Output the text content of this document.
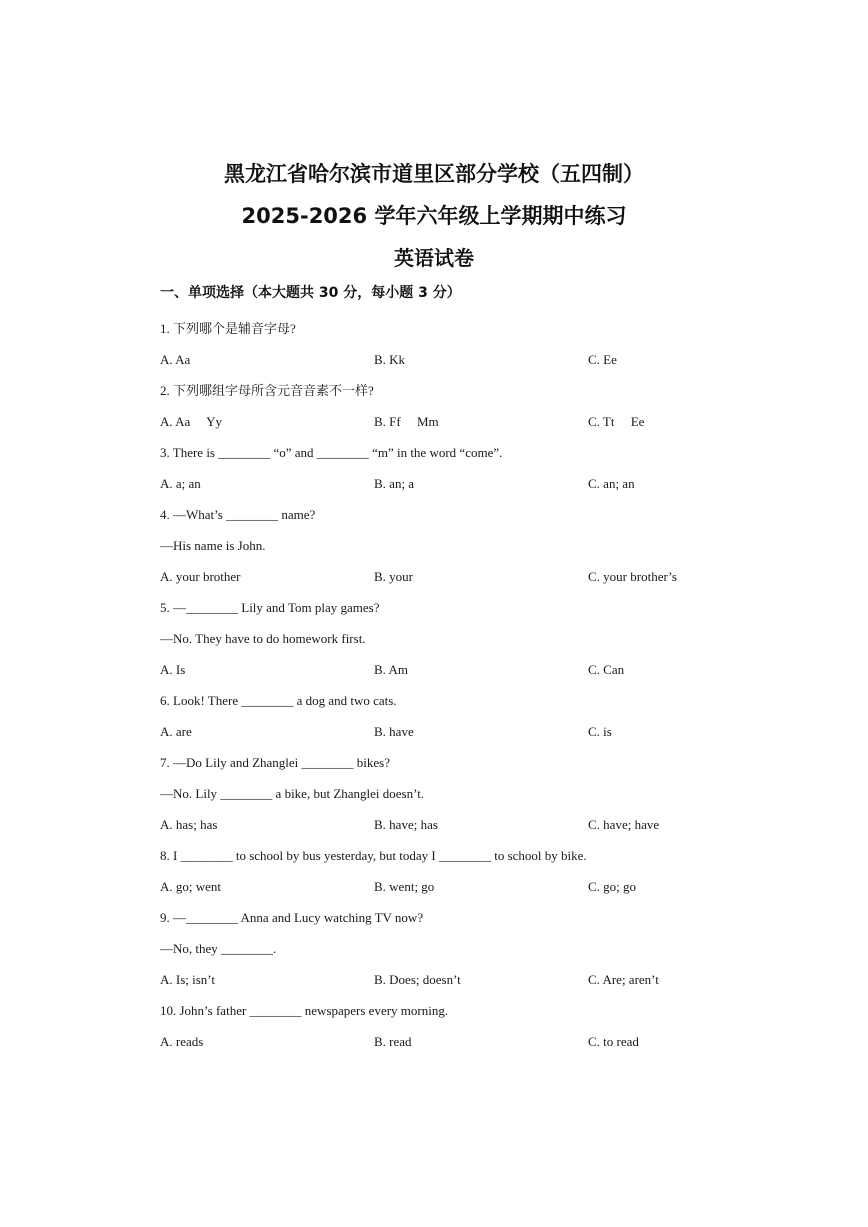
黑龙江省哈尔滨市道里区部分学校（五四制）
2025-2026 学年六年级上学期期中练习
英语试卷
一、单项选择（本大题共 30 分，每小题 3 分）
1. 下列哪个是辅音字母?
A. Aa	B. Kk	C. Ee
2. 下列哪组字母所含元音音素不一样?
A. Aa     Yy	B. Ff     Mm	C. Tt     Ee
3. There is ________ “o” and ________ “m” in the word “come”.
A. a; an	B. an; a	C. an; an
4. —What’s ________ name?
—His name is John.
A. your brother	B. your	C. your brother’s
5. —________ Lily and Tom play games?
—No. They have to do homework first.
A. Is	B. Am	C. Can
6. Look! There ________ a dog and two cats.
A. are	B. have	C. is
7. —Do Lily and Zhanglei ________ bikes?
—No. Lily ________ a bike, but Zhanglei doesn’t.
A. has; has	B. have; has	C. have; have
8. I ________ to school by bus yesterday, but today I ________ to school by bike.
A. go; went	B. went; go	C. go; go
9. —________ Anna and Lucy watching TV now?
—No, they ________.
A. Is; isn’t	B. Does; doesn’t	C. Are; aren’t
10. John’s father ________ newspapers every morning.
A. reads	B. read	C. to read
